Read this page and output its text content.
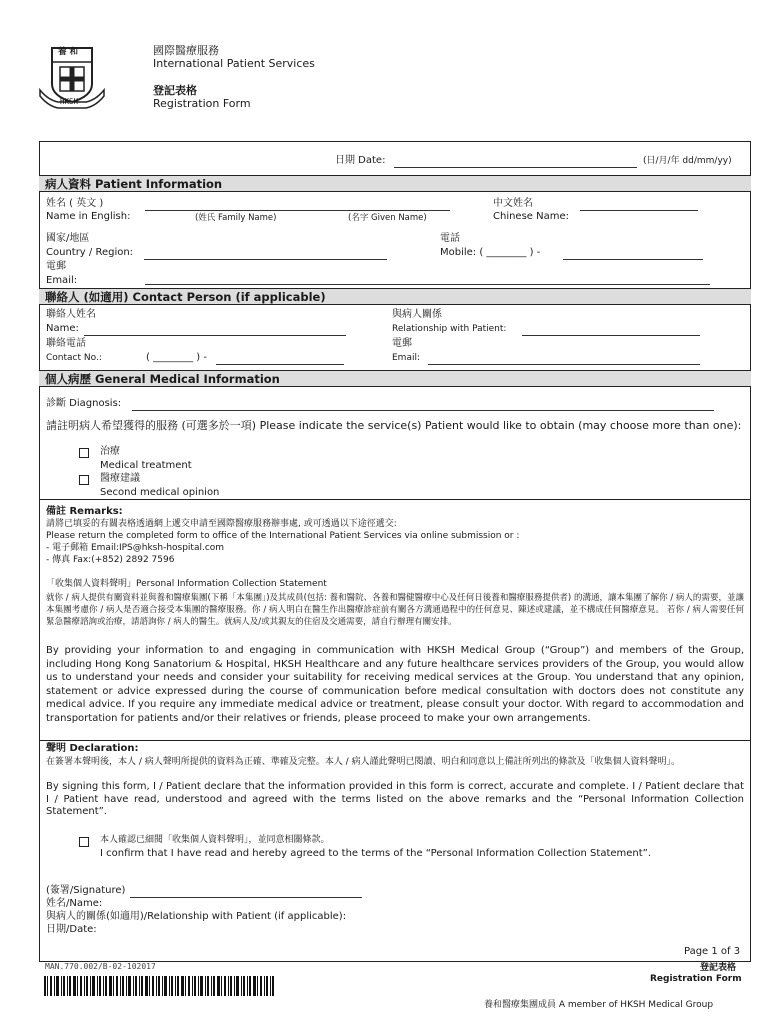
養 和
HKSH
國際醫療服務
International Patient Services
登記表格
Registration Form
日期 Date:	(日/月/年 dd/mm/yy)
病人資料 Patient Information
姓名 ( 英文 )
Name in English:	(姓氏 Family Name)	(名字 Given Name)
中文姓名
Chinese Name:
國家/地區
Country / Region:
電話
Mobile: ( ________ ) -
電郵
Email:
聯絡人 (如適用) Contact Person (if applicable)
聯絡人姓名
Name:
與病人關係
Relationship with Patient:
聯絡電話
Contact No.:	( ________ ) -
電郵
Email:
個人病歷 General Medical Information
診斷 Diagnosis:
請註明病人希望獲得的服務 (可選多於一項) Please indicate the service(s) Patient would like to obtain (may choose more than one):
治療
Medical treatment
醫療建議
Second medical opinion
備註 Remarks:
請將已填妥的有關表格透過網上遞交申請至國際醫療服務辦事處, 或可透過以下途徑遞交:
Please return the completed form to office of the International Patient Services via online submission or :
- 電子郵箱 Email:IPS@hksh-hospital.com
- 傳真 Fax:(+852) 2892 7596
「收集個人資料聲明」Personal Information Collection Statement

就你 / 病人提供有關資料並與養和醫療集團(下稱「本集團」)及其成員(包括: 養和醫院、各養和醫健醫療中心及任何日後養和醫療服務提供者) 的溝通，讓本集團了解你 / 病人的需要，並讓本集團考慮你 / 病人是否適合接受本集團的醫療服務。你 / 病人明白在醫生作出醫療診症前有關各方溝通過程中的任何意見、陳述或建議，並不構成任何醫療意見。 若你 / 病人需要任何緊急醫療諮詢或治療，請諮詢你 / 病人的醫生。就病人及/或其親友的住宿及交通需要，請自行辦理有關安排。

By providing your information to and engaging in communication with HKSH Medical Group (“Group”) and members of the Group, including Hong Kong Sanatorium & Hospital, HKSH Healthcare and any future healthcare services providers of the Group, you would allow us to understand your needs and consider your suitability for receiving medical services at the Group. You understand that any opinion, statement or advice expressed during the course of communication before medical consultation with doctors does not constitute any medical advice. If you require any immediate medical advice or treatment, please consult your doctor. With regard to accommodation and transportation for patients and/or their relatives or friends, please proceed to make your own arrangements.

聲明 Declaration:

在簽署本聲明後，本人 / 病人聲明所提供的資料為正確、準確及完整。本人 / 病人謹此聲明已閱讀、明白和同意以上備註所列出的條款及「收集個人資料聲明」。

By signing this form, I / Patient declare that the information provided in this form is correct, accurate and complete. I / Patient declare that I / Patient have read, understood and agreed with the terms listed on the above remarks and the “Personal Information Collection Statement”.

本人確認已細閱「收集個人資料聲明」，並同意相關條款。
I confirm that I have read and hereby agreed to the terms of the “Personal Information Collection Statement”.
(簽署/Signature)
姓名/Name:
與病人的關係(如適用)/Relationship with Patient (if applicable):
日期/Date:
Page 1 of 3
MAN.770.002/B-02-102017	登記表格
Registration Form
養和醫療集團成員 A member of HKSH Medical Group
